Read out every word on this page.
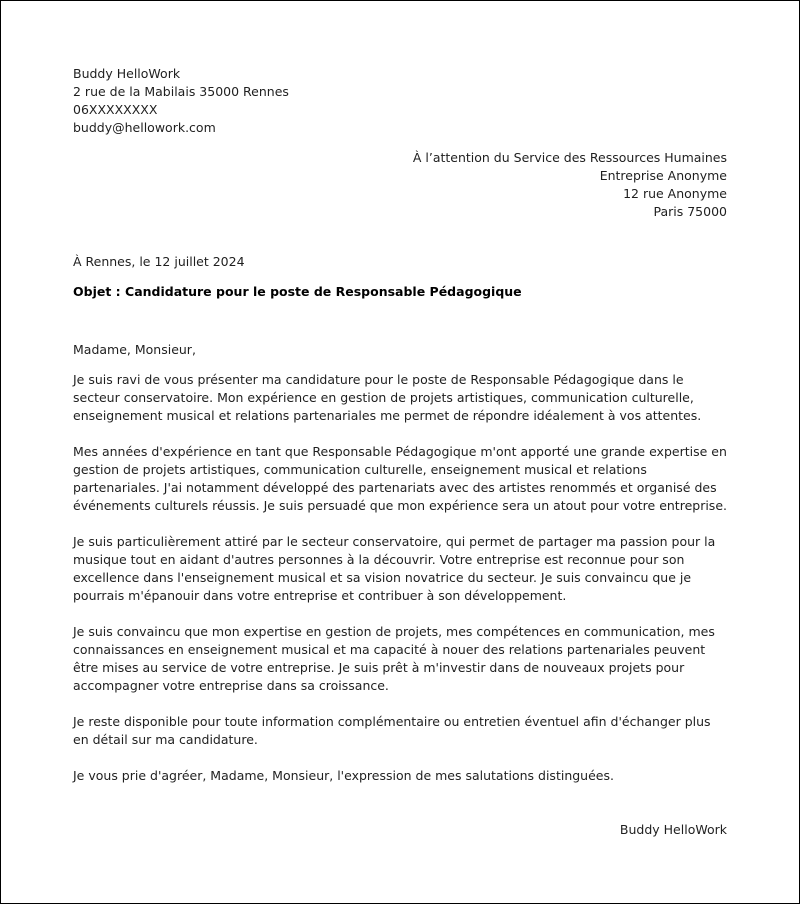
Buddy HelloWork
2 rue de la Mabilais 35000 Rennes
06XXXXXXXX
buddy@hellowork.com
À l’attention du Service des Ressources Humaines
Entreprise Anonyme
12 rue Anonyme
Paris 75000
À Rennes, le 12 juillet 2024
Objet : Candidature pour le poste de Responsable Pédagogique
Madame, Monsieur,

Je suis ravi de vous présenter ma candidature pour le poste de Responsable Pédagogique dans le secteur conservatoire. Mon expérience en gestion de projets artistiques, communication culturelle, enseignement musical et relations partenariales me permet de répondre idéalement à vos attentes.

Mes années d'expérience en tant que Responsable Pédagogique m'ont apporté une grande expertise en gestion de projets artistiques, communication culturelle, enseignement musical et relations partenariales. J'ai notamment développé des partenariats avec des artistes renommés et organisé des événements culturels réussis. Je suis persuadé que mon expérience sera un atout pour votre entreprise.

Je suis particulièrement attiré par le secteur conservatoire, qui permet de partager ma passion pour la musique tout en aidant d'autres personnes à la découvrir. Votre entreprise est reconnue pour son excellence dans l'enseignement musical et sa vision novatrice du secteur. Je suis convaincu que je pourrais m'épanouir dans votre entreprise et contribuer à son développement.

Je suis convaincu que mon expertise en gestion de projets, mes compétences en communication, mes connaissances en enseignement musical et ma capacité à nouer des relations partenariales peuvent être mises au service de votre entreprise. Je suis prêt à m'investir dans de nouveaux projets pour accompagner votre entreprise dans sa croissance.

Je reste disponible pour toute information complémentaire ou entretien éventuel afin d'échanger plus en détail sur ma candidature.

Je vous prie d'agréer, Madame, Monsieur, l'expression de mes salutations distinguées.

Buddy HelloWork
